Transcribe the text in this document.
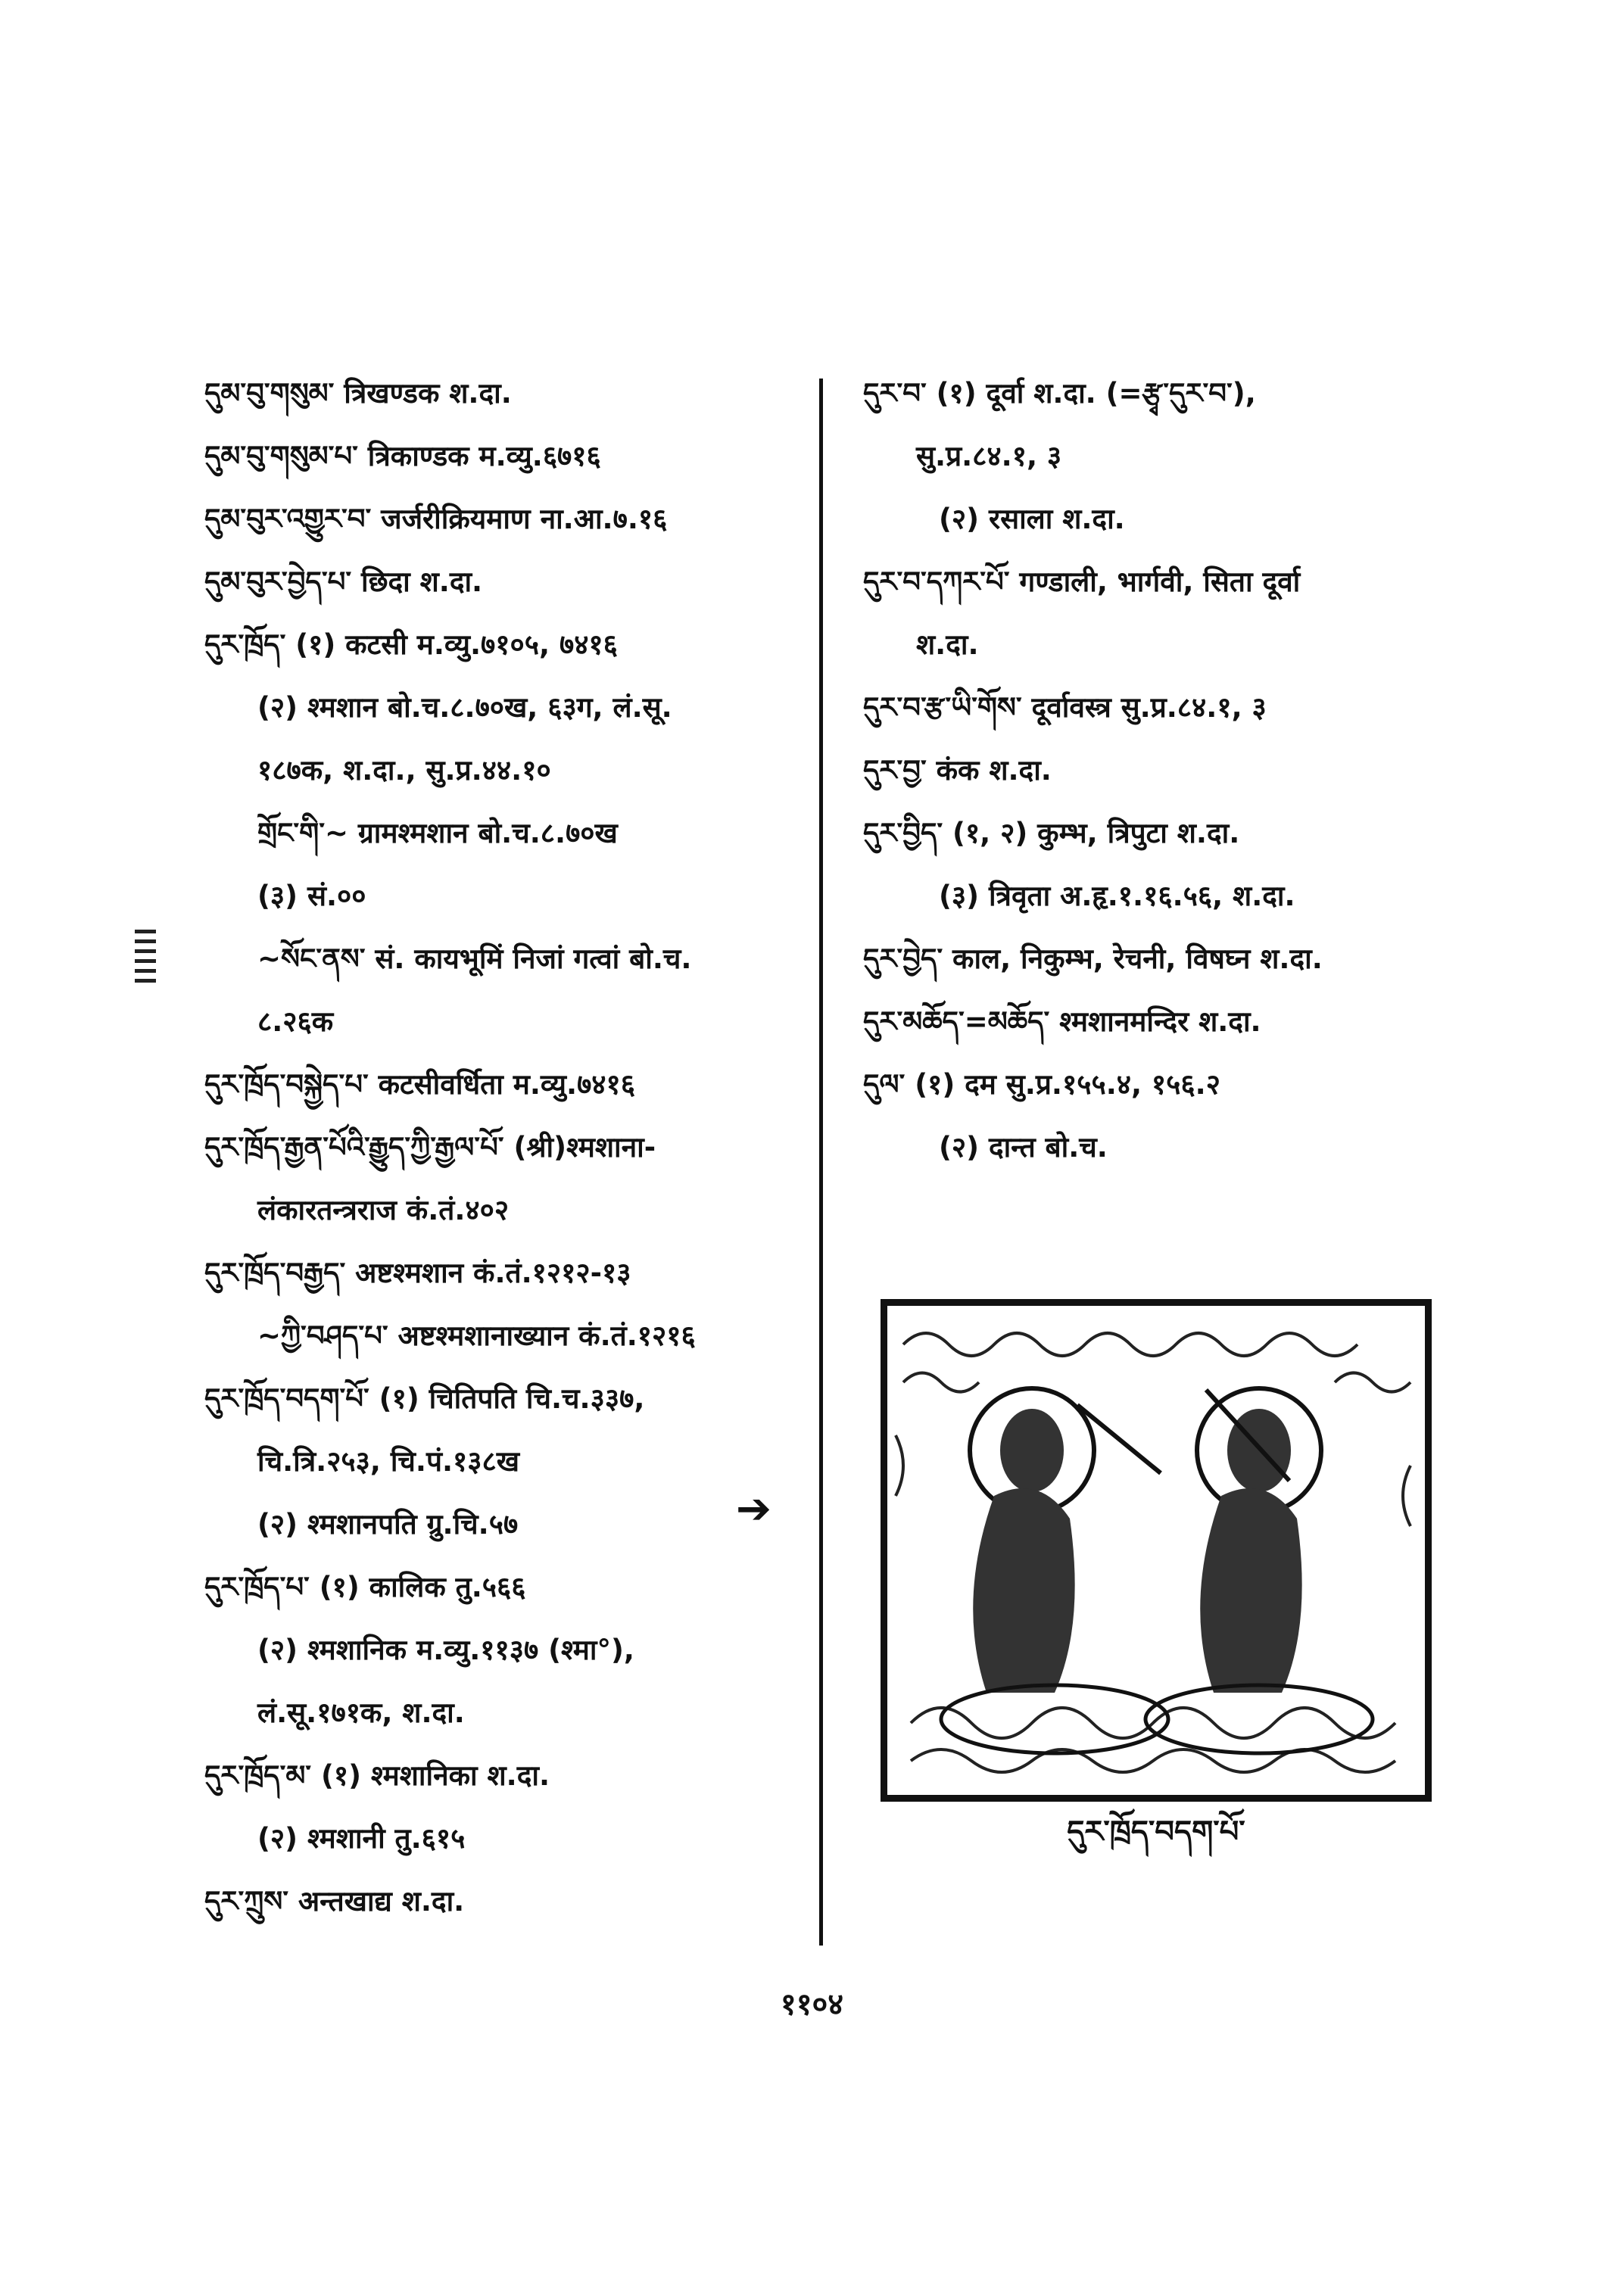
དུམ་བུ་གསུམ་ त्रिखण्डक श.दा.
དུམ་བུ་གསུམ་པ་ त्रिकाण्डक म.व्यु.६७१६
དུམ་བུར་འགྱུར་བ་ जर्जरीक्रियमाण ना.आ.७.१६
དུམ་བུར་བྱེད་པ་ छिदा श.दा.
དུར་ཁྲོད་ (१) कटसी म.व्यु.७१०५, ७४१६
(२) श्मशान बो.च.८.७०ख, ६३ग, लं.सू.
१८७क, श.दा., सु.प्र.४४.१०
གྲོང་གི་~ ग्रामश्मशान बो.च.८.७०ख
(३) सं.००
~སོང་ནས་ सं. कायभूमिं निजां गत्वां बो.च.
८.२६क
དུར་ཁྲོད་བསྐྱེད་པ་ कटसीवर्धिता म.व्यु.७४१६
དུར་ཁྲོད་རྒྱན་པོའི་རྒྱུད་ཀྱི་རྒྱལ་པོ་ (श्री)श्मशाना-
लंकारतन्त्रराज कं.तं.४०२
དུར་ཁྲོད་བརྒྱད་ अष्टश्मशान कं.तं.१२१२-१३
~ཀྱི་བཤད་པ་ अष्टश्मशानाख्यान कं.तं.१२१६
དུར་ཁྲོད་བདག་པོ་ (१) चितिपति चि.च.३३७,
चि.त्रि.२५३, चि.पं.१३८ख
(२) श्मशानपति ग्रु.चि.५७
དུར་ཁྲོད་པ་ (१) कालिक तु.५६६
(२) श्मशानिक म.व्यु.११३७ (श्मा°),
लं.सू.१७१क, श.दा.
དུར་ཁྲོད་མ་ (१) श्मशानिका श.दा.
(२) श्मशानी तु.६१५
དུར་ཀྲུས་ अन्तखाद्य श.दा.
དུར་བ་ (१) दूर्वा श.दा. (=རྩྭ་དུར་བ་),
सु.प्र.८४.१, ३
(२) रसाला श.दा.
དུར་བ་དཀར་པོ་ गण्डाली, भार्गवी, सिता दूर्वा
श.दा.
དུར་བ་རྩ་ཡི་གོས་ दूर्वावस्त्र सु.प्र.८४.१, ३
དུར་བྱ་ कंक श.दा.
དུར་བྱིད་ (१, २) कुम्भ, त्रिपुटा श.दा.
(३) त्रिवृता अ.हृ.१.१६.५६, श.दा.
དུར་བྱེད་ काल, निकुम्भ, रेचनी, विषघ्न श.दा.
དུར་མཆོད་=མཆོད་ श्मशानमन्दिर श.दा.
དུལ་ (१) दम सु.प्र.१५५.४, १५६.२
(२) दान्त बो.च.
➔
དུར་ཁྲོད་བདག་པོ་
११०४
